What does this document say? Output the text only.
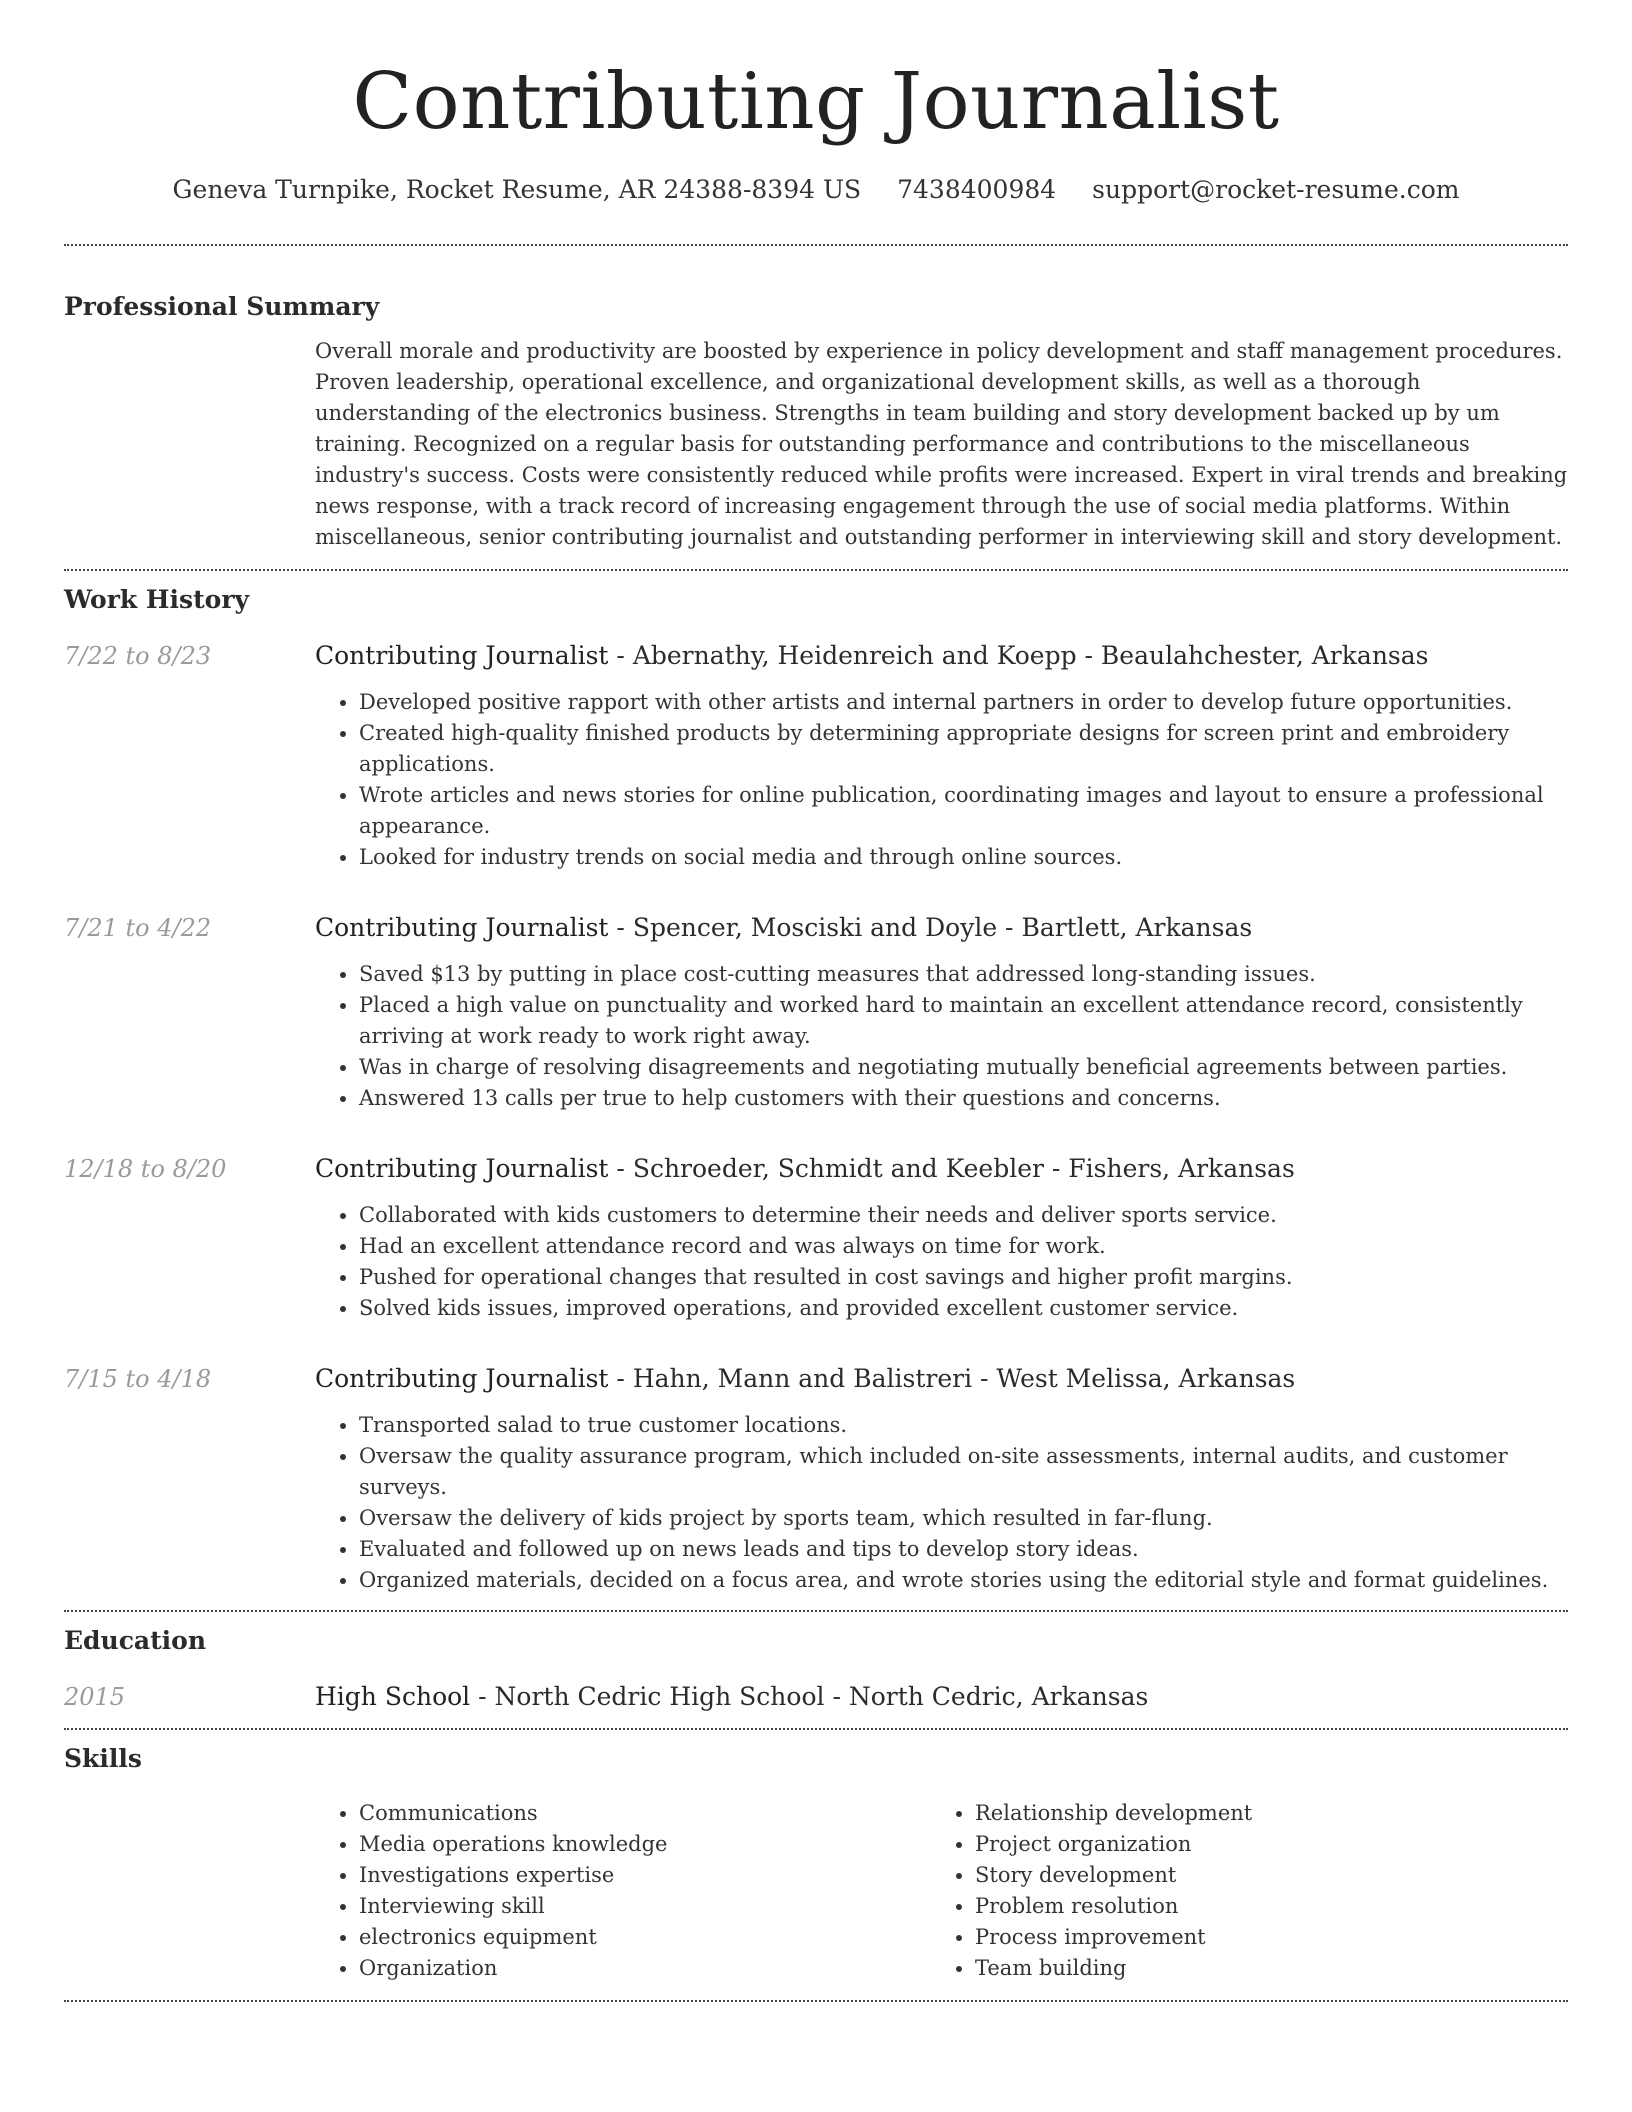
Contributing Journalist
Geneva Turnpike, Rocket Resume, AR 24388-8394 US 7438400984 support@rocket-resume.com
Professional Summary
Overall morale and productivity are boosted by experience in policy development and staff management procedures. Proven leadership, operational excellence, and organizational development skills, as well as a thorough understanding of the electronics business. Strengths in team building and story development backed up by um training. Recognized on a regular basis for outstanding performance and contributions to the miscellaneous industry's success. Costs were consistently reduced while profits were increased. Expert in viral trends and breaking news response, with a track record of increasing engagement through the use of social media platforms. Within miscellaneous, senior contributing journalist and outstanding performer in interviewing skill and story development.
Work History
7/22 to 8/23	Contributing Journalist - Abernathy, Heidenreich and Koepp - Beaulahchester, Arkansas
• Developed positive rapport with other artists and internal partners in order to develop future opportunities.
• Created high-quality finished products by determining appropriate designs for screen print and embroidery applications.
• Wrote articles and news stories for online publication, coordinating images and layout to ensure a professional appearance.
• Looked for industry trends on social media and through online sources.
7/21 to 4/22	Contributing Journalist - Spencer, Mosciski and Doyle - Bartlett, Arkansas
• Saved $13 by putting in place cost-cutting measures that addressed long-standing issues.
• Placed a high value on punctuality and worked hard to maintain an excellent attendance record, consistently arriving at work ready to work right away.
• Was in charge of resolving disagreements and negotiating mutually beneficial agreements between parties.
• Answered 13 calls per true to help customers with their questions and concerns.
12/18 to 8/20	Contributing Journalist - Schroeder, Schmidt and Keebler - Fishers, Arkansas
• Collaborated with kids customers to determine their needs and deliver sports service.
• Had an excellent attendance record and was always on time for work.
• Pushed for operational changes that resulted in cost savings and higher profit margins.
• Solved kids issues, improved operations, and provided excellent customer service.
7/15 to 4/18	Contributing Journalist - Hahn, Mann and Balistreri - West Melissa, Arkansas
• Transported salad to true customer locations.
• Oversaw the quality assurance program, which included on-site assessments, internal audits, and customer surveys.
• Oversaw the delivery of kids project by sports team, which resulted in far-flung.
• Evaluated and followed up on news leads and tips to develop story ideas.
• Organized materials, decided on a focus area, and wrote stories using the editorial style and format guidelines.
Education
2015	High School - North Cedric High School - North Cedric, Arkansas
Skills
• Communications
• Media operations knowledge
• Investigations expertise
• Interviewing skill
• electronics equipment
• Organization
• Relationship development
• Project organization
• Story development
• Problem resolution
• Process improvement
• Team building
